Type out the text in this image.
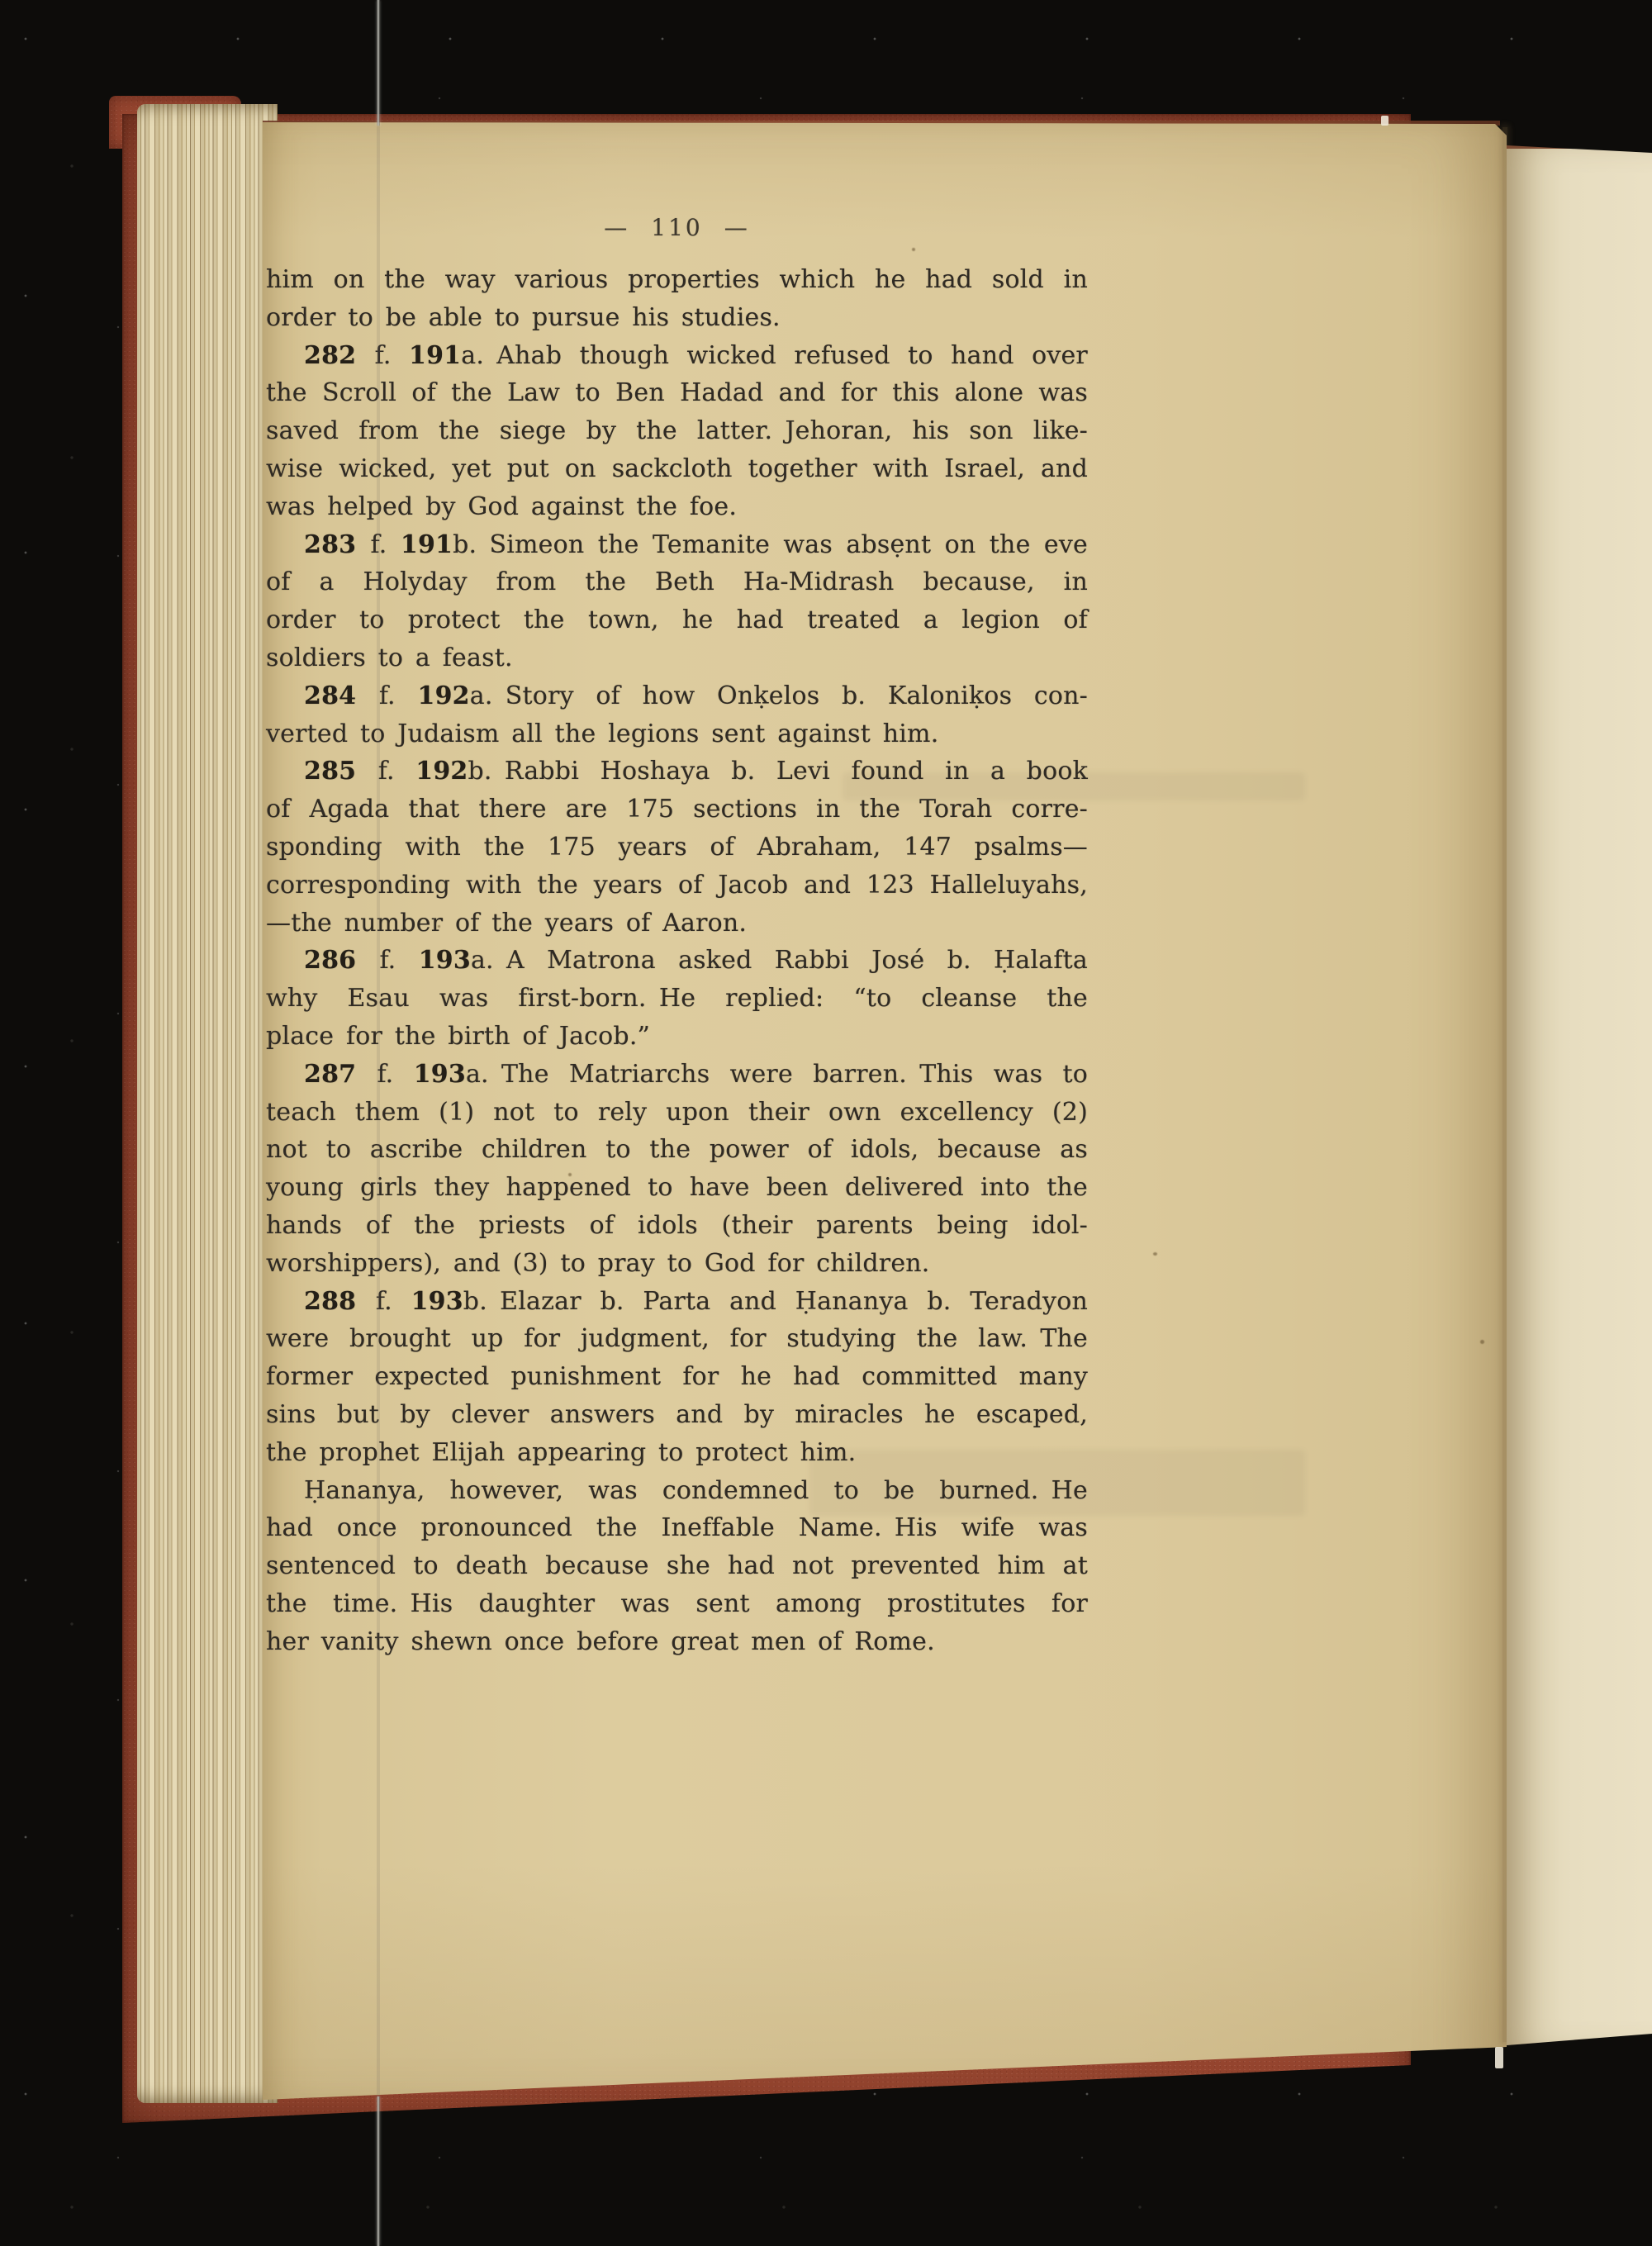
— 110 —
him on the way various properties which he had sold in
order to be able to pursue his studies.
282 f. 191a. Ahab though wicked refused to hand over
the Scroll of the Law to Ben Hadad and for this alone was
saved from the siege by the latter. Jehoran, his son like-
wise wicked, yet put on sackcloth together with Israel, and
was helped by God against the foe.
283 f. 191b. Simeon the Temanite was absẹnt on the eve
of a Holyday from the Beth Ha-Midrash because, in
order to protect the town, he had treated a legion of
soldiers to a feast.
284 f. 192a. Story of how Onḳelos b. Kaloniḳos con-
verted to Judaism all the legions sent against him.
285 f. 192b. Rabbi Hoshaya b. Levi found in a book
of Agada that there are 175 sections in the Torah corre-
sponding with the 175 years of Abraham, 147 psalms—
corresponding with the years of Jacob and 123 Halleluyahs,
—the number of the years of Aaron.
286 f. 193a. A Matrona asked Rabbi José b. Ḥalafta
why Esau was first-born. He replied: “to cleanse the
place for the birth of Jacob.”
287 f. 193a. The Matriarchs were barren. This was to
teach them (1) not to rely upon their own excellency (2)
not to ascribe children to the power of idols, because as
young girls they happened to have been delivered into the
hands of the priests of idols (their parents being idol-
worshippers), and (3) to pray to God for children.
288 f. 193b. Elazar b. Parta and Ḥananya b. Teradyon
were brought up for judgment, for studying the law. The
former expected punishment for he had committed many
sins but by clever answers and by miracles he escaped,
the prophet Elijah appearing to protect him.
Ḥananya, however, was condemned to be burned. He
had once pronounced the Ineffable Name. His wife was
sentenced to death because she had not prevented him at
the time. His daughter was sent among prostitutes for
her vanity shewn once before great men of Rome.
